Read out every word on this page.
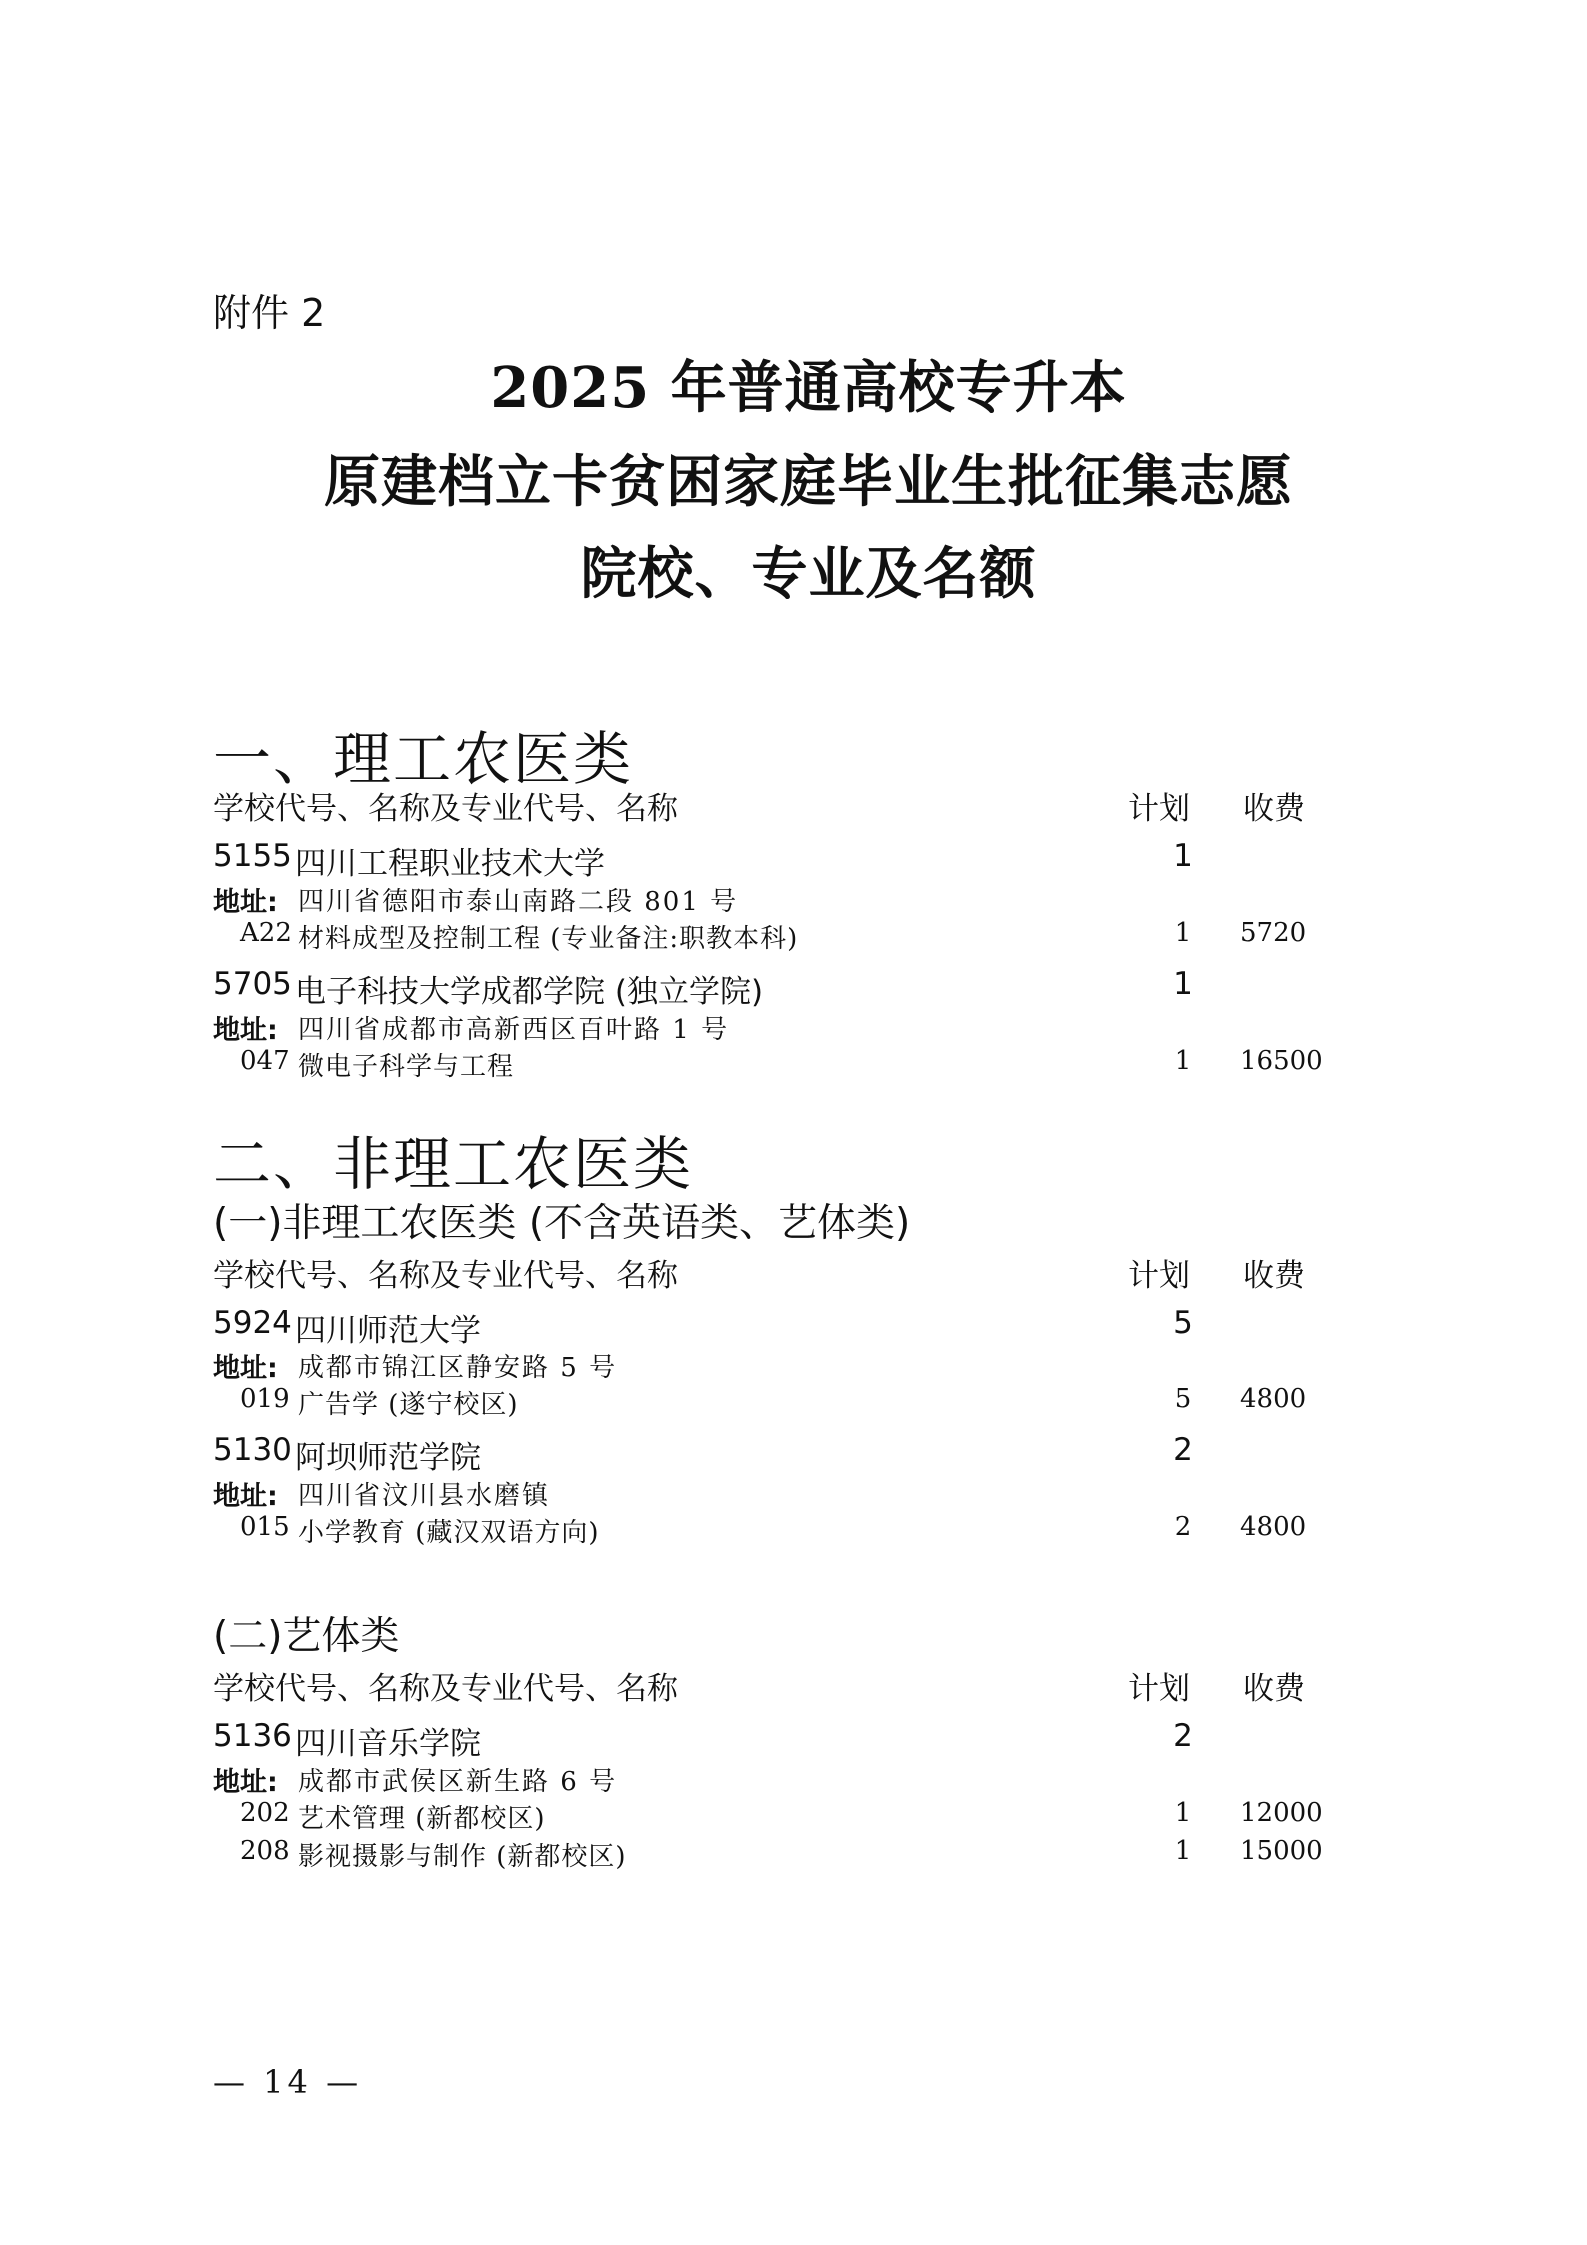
附件 2
2025 年普通高校专升本
原建档立卡贫困家庭毕业生批征集志愿
院校、专业及名额
一、理工农医类
学校代号、名称及专业代号、名称	计划 收费
5155 四川工程职业技术大学	1
地址: 四川省德阳市泰山南路二段 801 号
A22 材料成型及控制工程 (专业备注:职教本科)	1 5720
5705 电子科技大学成都学院 (独立学院)	1
地址: 四川省成都市高新西区百叶路 1 号
047 微电子科学与工程	1 16500
二、非理工农医类
(一)非理工农医类 (不含英语类、艺体类)
学校代号、名称及专业代号、名称	计划 收费
5924 四川师范大学	5
地址: 成都市锦江区静安路 5 号
019 广告学 (遂宁校区)	5 4800
5130 阿坝师范学院	2
地址: 四川省汶川县水磨镇
015 小学教育 (藏汉双语方向)	2 4800
(二)艺体类
学校代号、名称及专业代号、名称	计划 收费
5136 四川音乐学院	2
地址: 成都市武侯区新生路 6 号
202 艺术管理 (新都校区)	1 12000
208 影视摄影与制作 (新都校区)	1 15000
— 14 —
